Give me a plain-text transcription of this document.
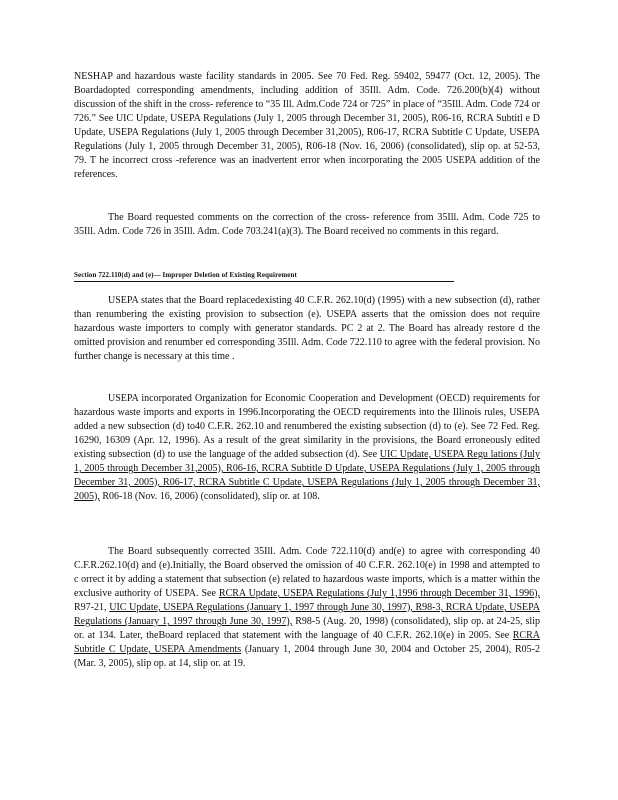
NESHAP and hazardous waste facility standards in 2005. See 70 Fed. Reg. 59402, 59477 (Oct. 12, 2005). The Boardadopted corresponding amendments, including addition of 35Ill. Adm. Code. 726.200(b)(4) without discussion of the shift in the cross- reference to “35 Ill. Adm.Code 724 or 725” in place of “35Ill. Adm. Code 724 or 726.” See UIC Update, USEPA Regulations (July 1, 2005 through December 31, 2005), R06-16, RCRA Subtitl e D Update, USEPA Regulations (July 1, 2005 through December 31,2005), R06-17, RCRA Subtitle C Update, USEPA Regulations (July 1, 2005 through December 31, 2005), R06-18 (Nov. 16, 2006) (consolidated), slip op. at 52-53, 79. T he incorrect cross -reference was an inadvertent error when incorporating the 2005 USEPA addition of the references.

The Board requested comments on the correction of the cross- reference from 35Ill. Adm. Code 725 to 35Ill. Adm. Code 726 in 35Ill. Adm. Code 703.241(a)(3). The Board received no comments in this regard.

Section 722.110(d) and (e)— Improper Deletion of Existing Requirement

USEPA states that the Board replacedexisting 40 C.F.R. 262.10(d) (1995) with a new subsection (d), rather than renumbering the existing provision to subsection (e). USEPA asserts that the omission does not require hazardous waste importers to comply with generator standards. PC 2 at 2. The Board has already restore d the omitted provision and renumber ed corresponding 35Ill. Adm. Code 722.110 to agree with the federal provision. No further change is necessary at this time .

USEPA incorporated Organization for Economic Cooperation and Development (OECD) requirements for hazardous waste imports and exports in 1996.Incorporating the OECD requirements into the Illinois rules, USEPA added a new subsection (d) to40 C.F.R. 262.10 and renumbered the existing subsection (d) to (e). See 72 Fed. Reg. 16290, 16309 (Apr. 12, 1996). As a result of the great similarity in the provisions, the Board erroneously edited existing subsection (d) to use the language of the added subsection (d). See UIC Update, USEPA Regu lations (July 1, 2005 through December 31,2005), R06-16, RCRA Subtitle D Update, USEPA Regulations (July 1, 2005 through December 31, 2005), R06-17, RCRA Subtitle C Update, USEPA Regulations (July 1, 2005 through December 31, 2005), R06-18 (Nov. 16, 2006) (consolidated), slip or. at 108.

The Board subsequently corrected 35Ill. Adm. Code 722.110(d) and(e) to agree with corresponding 40 C.F.R.262.10(d) and (e).Initially, the Board observed the omission of 40 C.F.R. 262.10(e) in 1998 and attempted to c orrect it by adding a statement that subsection (e) related to hazardous waste imports, which is a matter within the exclusive authority of USEPA. See RCRA Update, USEPA Regulations (July 1,1996 through December 31, 1996), R97-21, UIC Update, USEPA Regulations (January 1, 1997 through June 30, 1997), R98-3, RCRA Update, USEPA Regulations (January 1, 1997 through June 30, 1997), R98-5 (Aug. 20, 1998) (consolidated), slip op. at 24-25, slip or. at 134. Later, theBoard replaced that statement with the language of 40 C.F.R. 262.10(e) in 2005. See RCRA Subtitle C Update, USEPA Amendments (January 1, 2004 through June 30, 2004 and October 25, 2004), R05-2 (Mar. 3, 2005), slip op. at 14, slip or. at 19.
